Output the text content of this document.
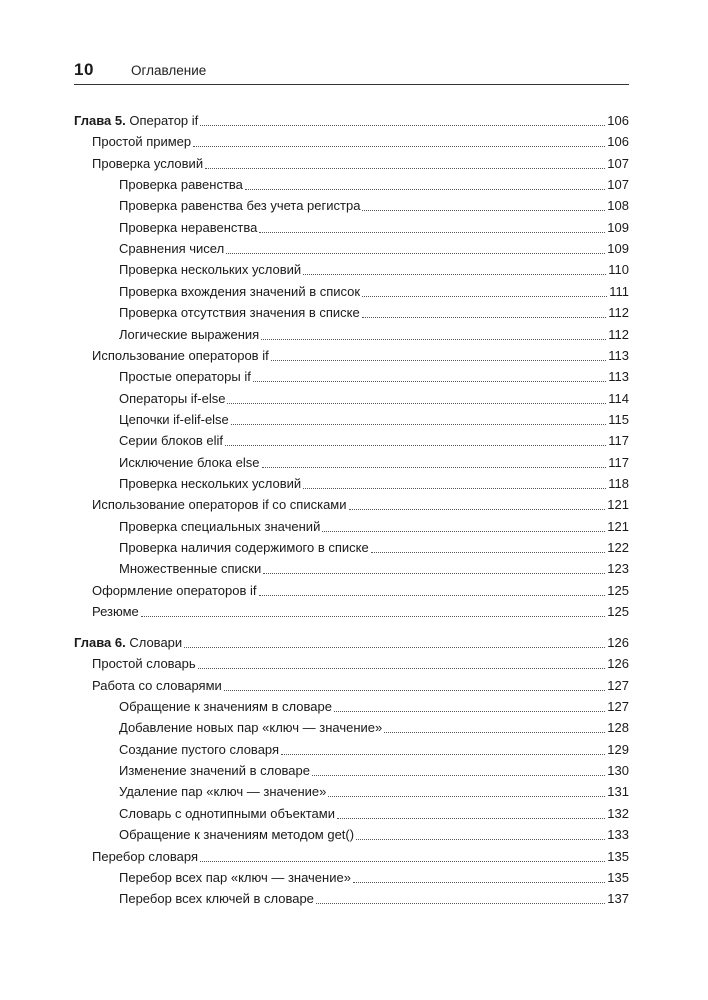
10	Оглавление
Глава 5. Оператор if	106
Простой пример	106
Проверка условий	107
Проверка равенства	107
Проверка равенства без учета регистра	108
Проверка неравенства	109
Сравнения чисел	109
Проверка нескольких условий	110
Проверка вхождения значений в список	111
Проверка отсутствия значения в списке	112
Логические выражения	112
Использование операторов if	113
Простые операторы if	113
Операторы if-else	114
Цепочки if-elif-else	115
Серии блоков elif	117
Исключение блока else	117
Проверка нескольких условий	118
Использование операторов if со списками	121
Проверка специальных значений	121
Проверка наличия содержимого в списке	122
Множественные списки	123
Оформление операторов if	125
Резюме	125
Глава 6. Словари	126
Простой словарь	126
Работа со словарями	127
Обращение к значениям в словаре	127
Добавление новых пар «ключ — значение»	128
Создание пустого словаря	129
Изменение значений в словаре	130
Удаление пар «ключ — значение»	131
Словарь с однотипными объектами	132
Обращение к значениям методом get()	133
Перебор словаря	135
Перебор всех пар «ключ — значение»	135
Перебор всех ключей в словаре	137
